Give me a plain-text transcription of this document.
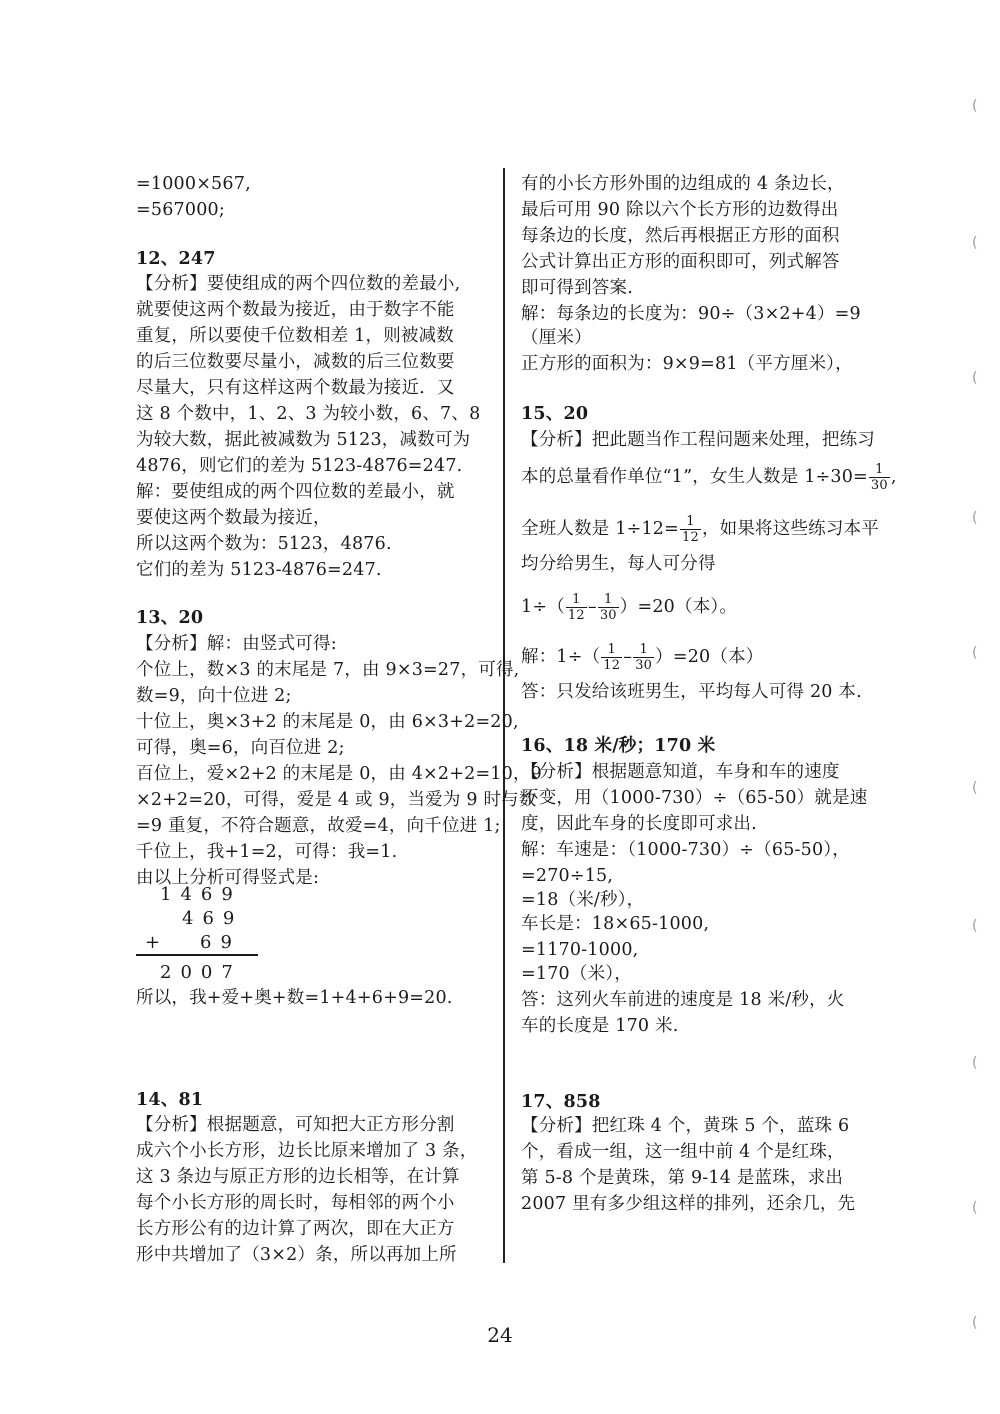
=1000×567,
=567000;
12、247
【分析】要使组成的两个四位数的差最小,
就要使这两个数最为接近，由于数字不能
重复，所以要使千位数相差 1，则被减数
的后三位数要尽量小，减数的后三位数要
尽量大，只有这样这两个数最为接近．又
这 8 个数中，1、2、3 为较小数，6、7、8
为较大数，据此被减数为 5123，减数可为
4876，则它们的差为 5123-4876=247.
解：要使组成的两个四位数的差最小，就
要使这两个数最为接近，
所以这两个数为：5123，4876.
它们的差为 5123-4876=247.
13、20
【分析】解：由竖式可得:
个位上，数×3 的末尾是 7，由 9×3=27，可得,
数=9，向十位进 2;
十位上，奥×3+2 的末尾是 0，由 6×3+2=20,
可得，奥=6，向百位进 2;
百位上，爱×2+2 的末尾是 0，由 4×2+2=10，9
×2+2=20，可得，爱是 4 或 9，当爱为 9 时与数
=9 重复，不符合题意，故爱=4，向千位进 1;
千位上，我+1=2，可得：我=1.
由以上分析可得竖式是:
1469
469
+ 69
2007
所以，我+爱+奥+数=1+4+6+9=20.
14、81
【分析】根据题意，可知把大正方形分割
成六个小长方形，边长比原来增加了 3 条，
这 3 条边与原正方形的边长相等，在计算
每个小长方形的周长时，每相邻的两个小
长方形公有的边计算了两次，即在大正方
形中共增加了（3×2）条，所以再加上所
有的小长方形外围的边组成的 4 条边长，
最后可用 90 除以六个长方形的边数得出
每条边的长度，然后再根据正方形的面积
公式计算出正方形的面积即可，列式解答
即可得到答案.
解：每条边的长度为：90÷（3×2+4）=9
（厘米）
正方形的面积为：9×9=81（平方厘米），
15、20
【分析】把此题当作工程问题来处理，把练习
本的总量看作单位“1”，女生人数是 $1\div 30= \frac{1}{30}$ ,
全班人数是 $1\div 12= \frac{1}{12}$ ，如果将这些练习本平
均分给男生，每人可分得
$1\div( \frac{1}{12} - \frac{1}{30} )=20$（本）。
解：$1\div( \frac{1}{12} - \frac{1}{30} )=20$（本）
答：只发给该班男生，平均每人可得 20 本.
16、18 米/秒；170 米
【分析】根据题意知道，车身和车的速度
不变，用（1000-730）÷（65-50）就是速
度，因此车身的长度即可求出.
解：车速是：（1000-730）÷（65-50），
=270÷15,
=18（米/秒），
车长是：18×65-1000,
=1170-1000,
=170（米），
答：这列火车前进的速度是 18 米/秒，火
车的长度是 170 米.
17、858
【分析】把红珠 4 个，黄珠 5 个，蓝珠 6
个，看成一组，这一组中前 4 个是红珠，
第 5-8 个是黄珠，第 9-14 是蓝珠，求出
2007 里有多少组这样的排列，还余几，先
(
(
(
(
(
(
(
(
(
(
24
